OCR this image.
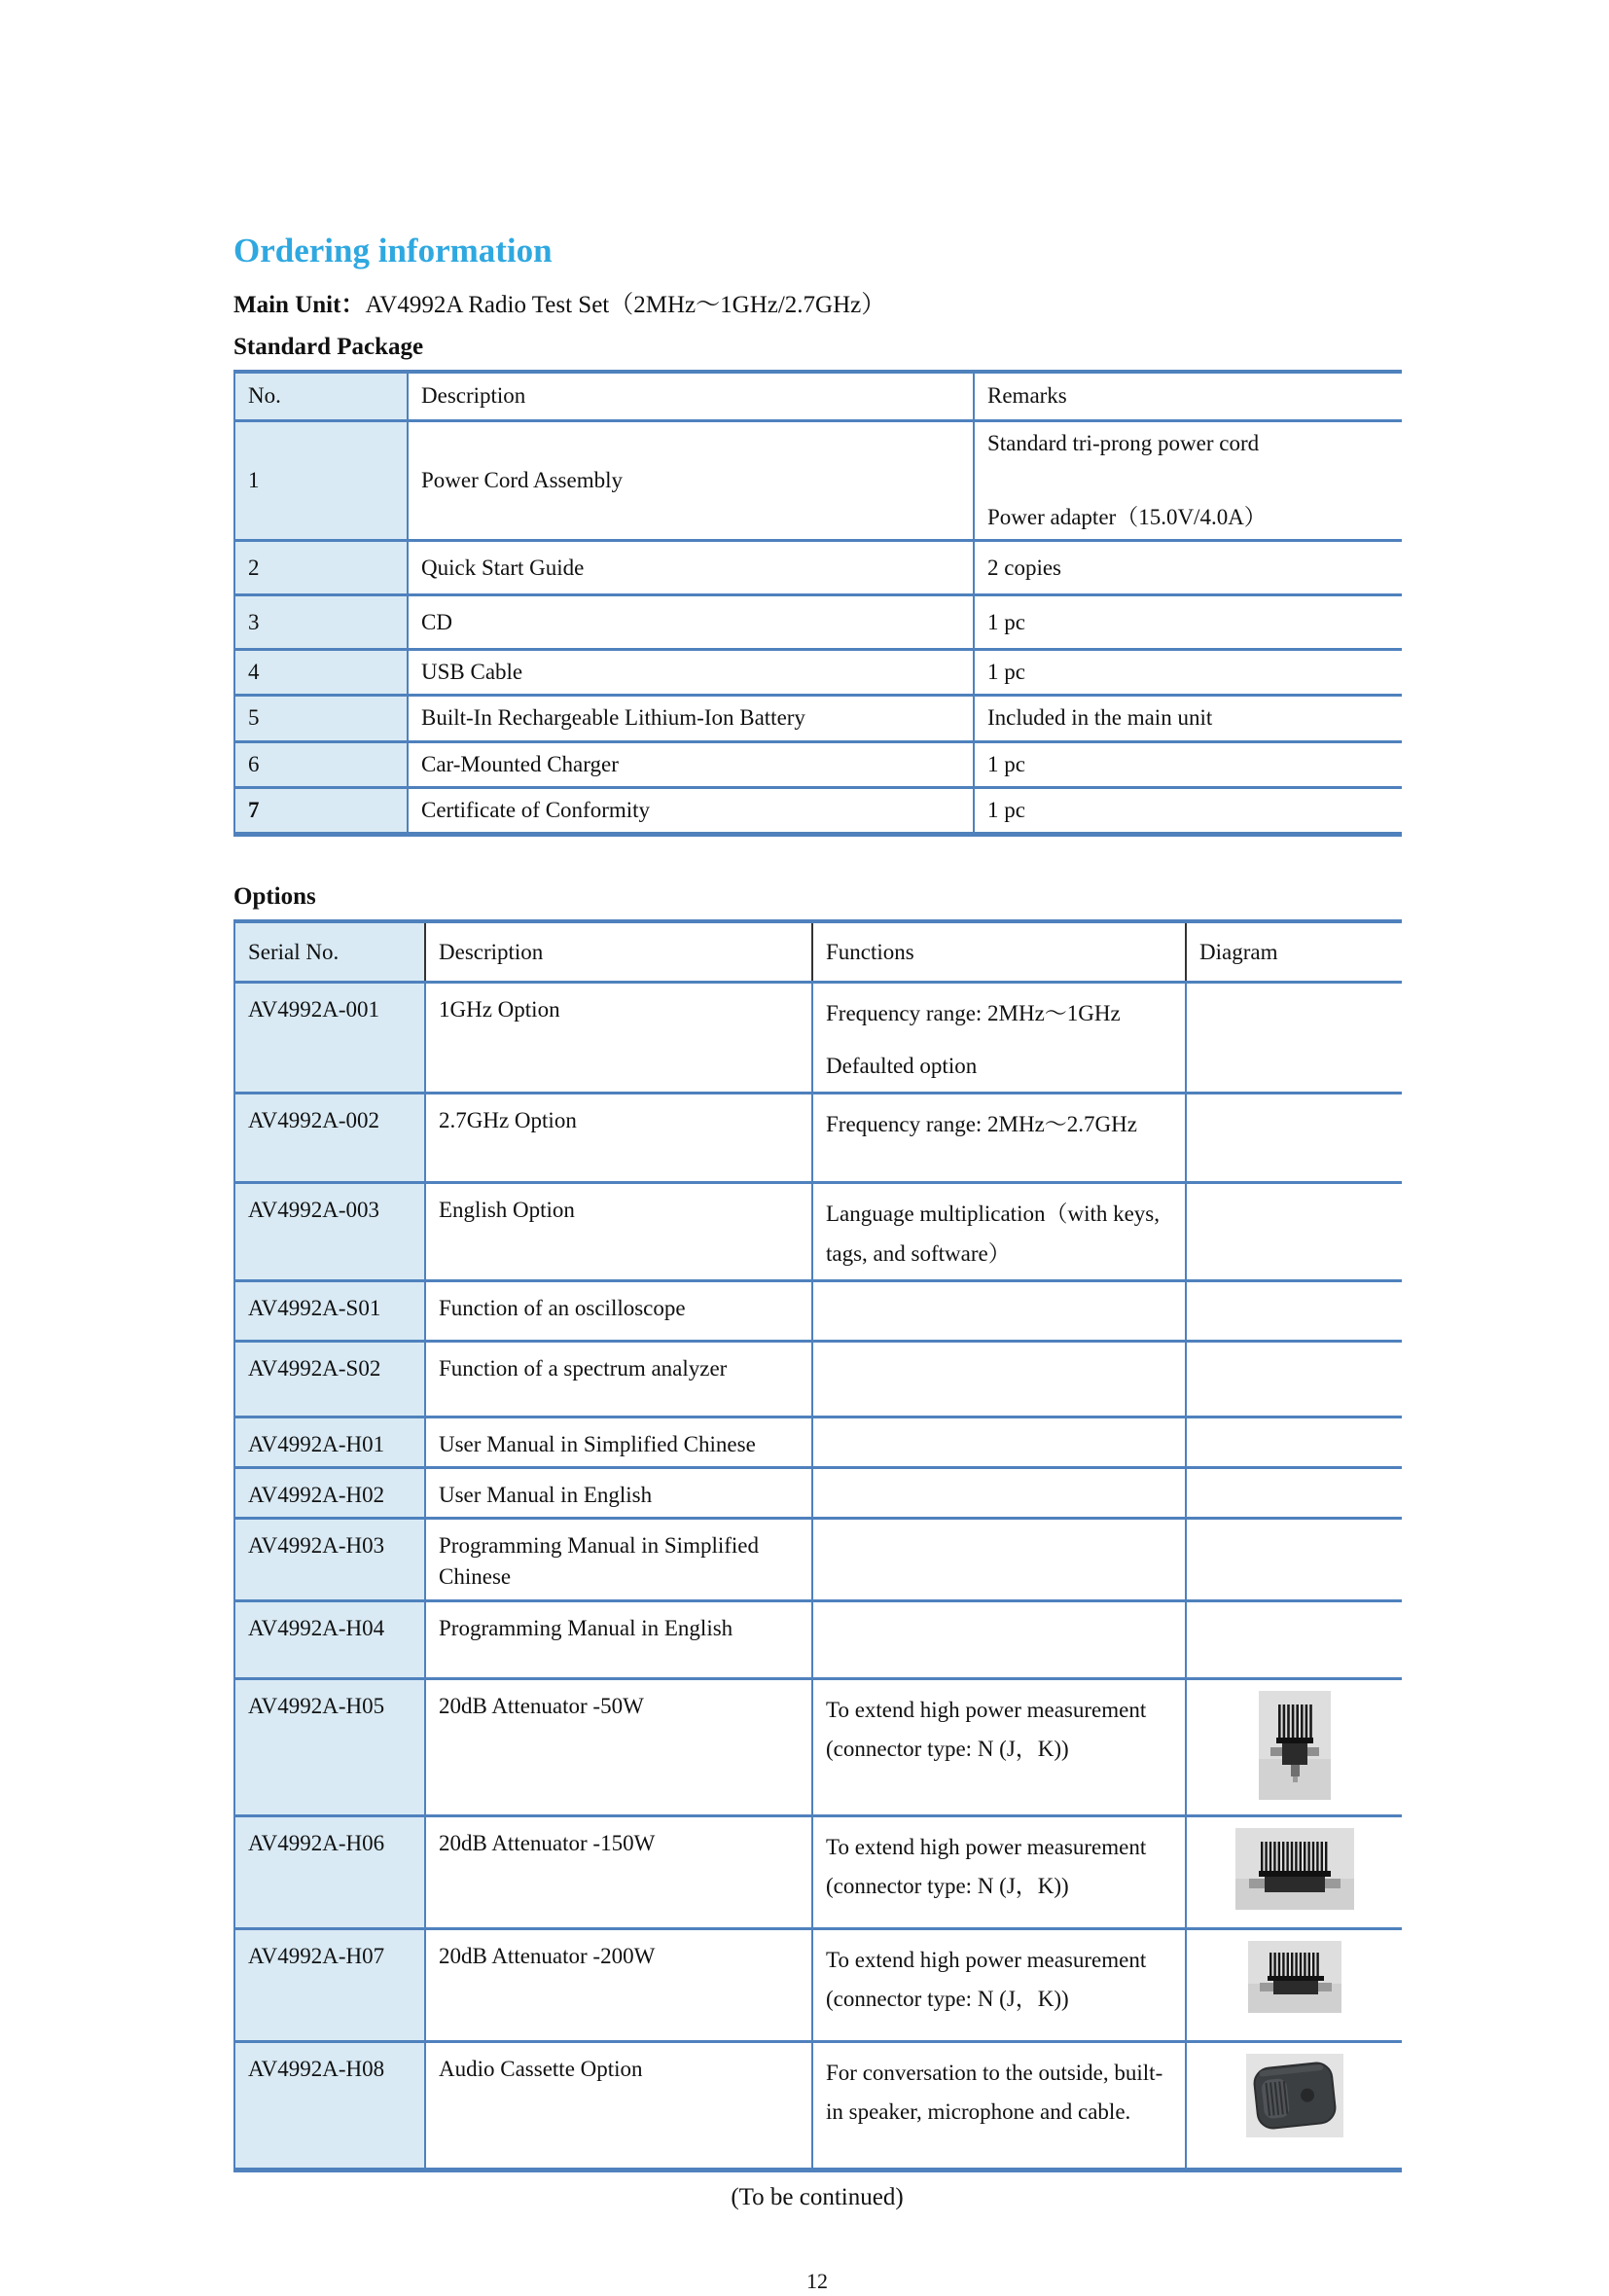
Ordering information

Main Unit：AV4992A Radio Test Set（2MHz～1GHz/2.7GHz）

Standard Package
No.	Description	Remarks
1	Power Cord Assembly	Standard tri-prong power cord

Power adapter（15.0V/4.0A）

2	Quick Start Guide	2 copies

3	CD	1 pc

4	USB Cable	1 pc

5	Built-In Rechargeable Lithium-Ion Battery	Included in the main unit

6	Car-Mounted Charger	1 pc

7	Certificate of Conformity	1 pc

Options
Serial No.	Description	Functions	Diagram
AV4992A-001	1GHz Option	Frequency range: 2MHz～1GHz

Defaulted option	

AV4992A-002	2.7GHz Option	Frequency range: 2MHz～2.7GHz	

AV4992A-003	English Option	Language multiplication（with keys, tags, and software）	

AV4992A-S01	Function of an oscilloscope		
AV4992A-S02	Function of a spectrum analyzer		
AV4992A-H01	User Manual in Simplified Chinese		
AV4992A-H02	User Manual in English		
AV4992A-H03	Programming Manual in Simplified Chinese		
AV4992A-H04	Programming Manual in English		
AV4992A-H05	20dB Attenuator -50W	To extend high power measurement (connector type: N (J，K))

AV4992A-H06	20dB Attenuator -150W	To extend high power measurement (connector type: N (J，K))

AV4992A-H07	20dB Attenuator -200W	To extend high power measurement (connector type: N (J，K))

AV4992A-H08	Audio Cassette Option	For conversation to the outside, built-in speaker, microphone and cable.

(To be continued)

12
